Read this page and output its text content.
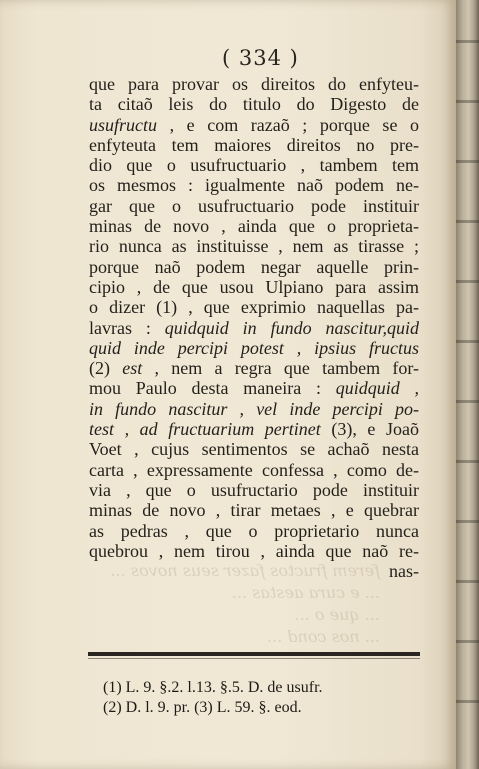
ferem fructos fazer seus novos ...
... e cura aestas ...
... que o ...
... nos cond ...
( 334 )
que para provar os direitos do enfyteu-
ta citaõ leis do titulo do Digesto de
usufructu , e com razaõ ; porque se o
enfyteuta tem maiores direitos no pre-
dio que o usufructuario , tambem tem
os mesmos : igualmente naõ podem ne-
gar que o usufructuario pode instituir
minas de novo , ainda que o proprieta-
rio nunca as instituisse , nem as tirasse ;
porque naõ podem negar aquelle prin-
cipio , de que usou Ulpiano para assim
o dizer (1) , que exprimio naquellas pa-
lavras : quidquid in fundo nascitur,quid
quid inde percipi potest , ipsius fructus
(2) est , nem a regra que tambem for-
mou Paulo desta maneira : quidquid ,
in fundo nascitur , vel inde percipi po-
test , ad fructuarium pertinet (3), e Joaõ
Voet , cujus sentimentos se achaõ nesta
carta , expressamente confessa , como de-
via , que o usufructario pode instituir
minas de novo , tirar metaes , e quebrar
as pedras , que o proprietario nunca
quebrou , nem tirou , ainda que naõ re-
nas-
(1) L. 9. §.2. l.13. §.5. D. de usufr.
(2) D. l. 9. pr. (3) L. 59. §. eod.
